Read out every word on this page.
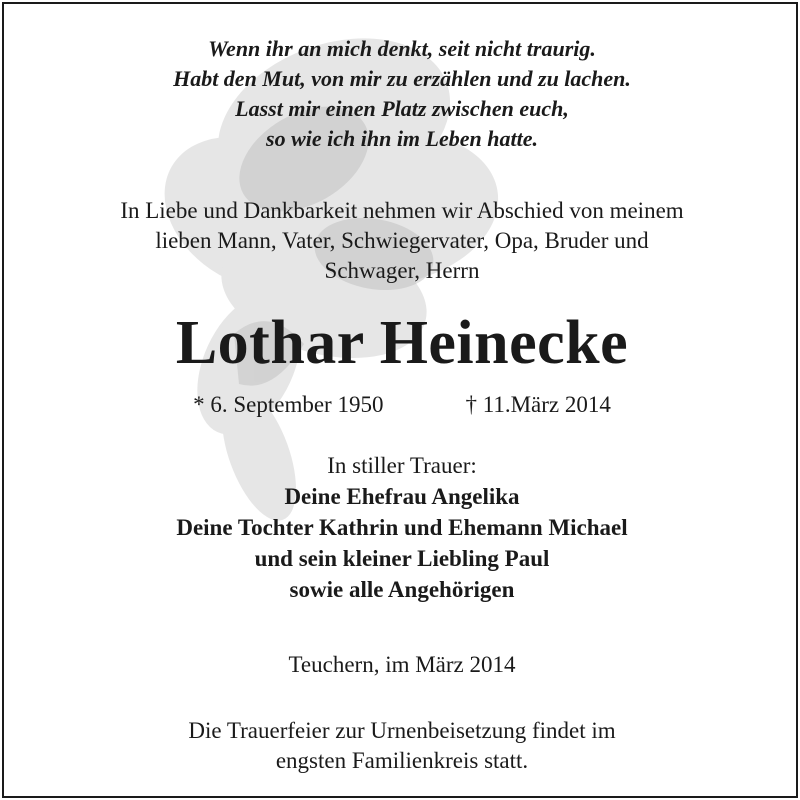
Wenn ihr an mich denkt, seit nicht traurig.
Habt den Mut, von mir zu erzählen und zu lachen.
Lasst mir einen Platz zwischen euch,
so wie ich ihn im Leben hatte.
In Liebe und Dankbarkeit nehmen wir Abschied von meinem
lieben Mann, Vater, Schwiegervater, Opa, Bruder und
Schwager, Herrn
Lothar Heinecke
* 6. September 1950	† 11.März 2014
In stiller Trauer:
Deine Ehefrau Angelika
Deine Tochter Kathrin und Ehemann Michael
und sein kleiner Liebling Paul
sowie alle Angehörigen
Teuchern, im März 2014
Die Trauerfeier zur Urnenbeisetzung findet im
engsten Familienkreis statt.
